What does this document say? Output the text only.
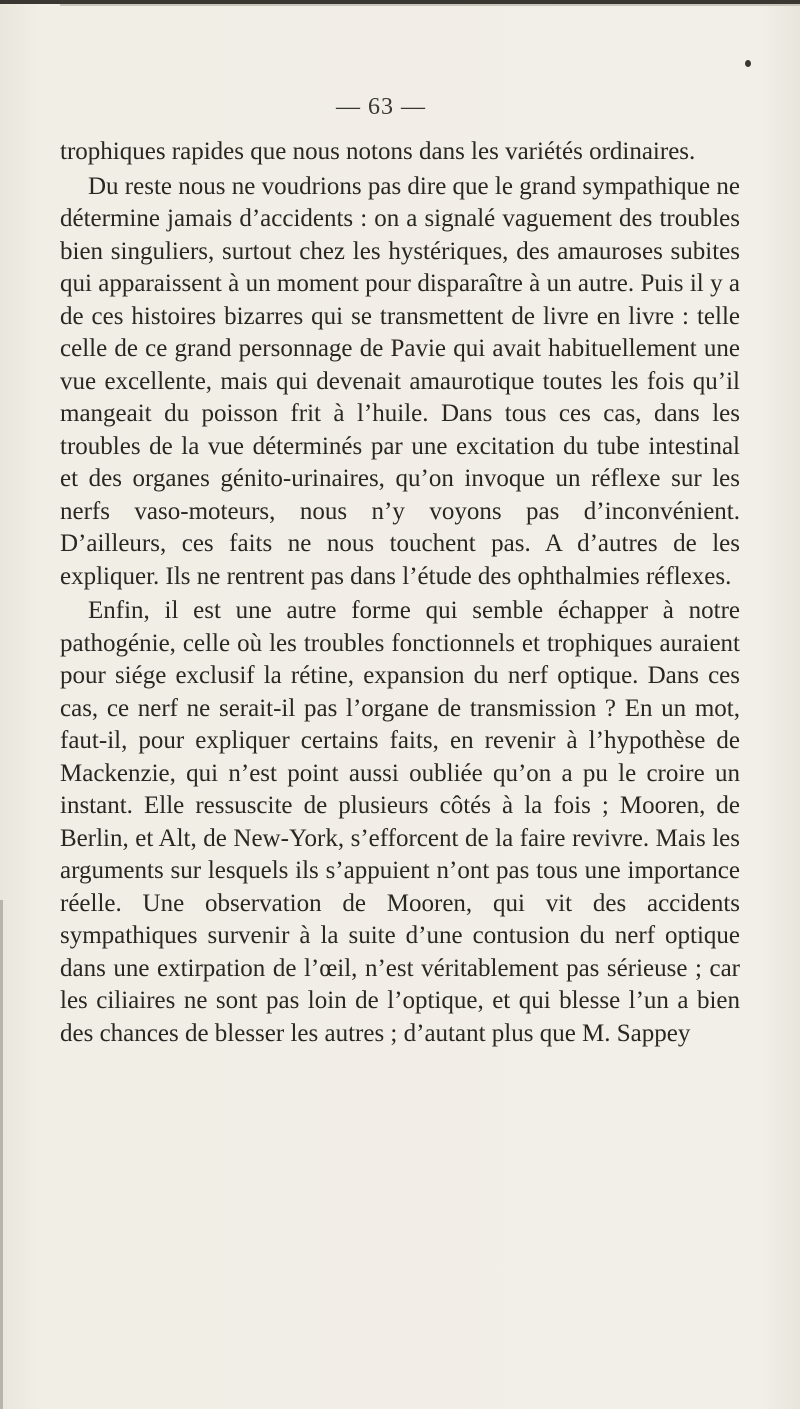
— 63 —

trophiques rapides que nous notons dans les variétés ordinaires.

Du reste nous ne voudrions pas dire que le grand sympathique ne détermine jamais d’accidents : on a signalé vaguement des troubles bien singuliers, surtout chez les hystériques, des amauroses subites qui apparaissent à un moment pour disparaître à un autre. Puis il y a de ces histoires bizarres qui se transmettent de livre en livre : telle celle de ce grand personnage de Pavie qui avait habituellement une vue excellente, mais qui devenait amaurotique toutes les fois qu’il mangeait du poisson frit à l’huile. Dans tous ces cas, dans les troubles de la vue déterminés par une excitation du tube intestinal et des organes génito-urinaires, qu’on invoque un réflexe sur les nerfs vaso-moteurs, nous n’y voyons pas d’inconvénient. D’ailleurs, ces faits ne nous touchent pas. A d’autres de les expliquer. Ils ne rentrent pas dans l’étude des ophthalmies réflexes.

Enfin, il est une autre forme qui semble échapper à notre pathogénie, celle où les troubles fonctionnels et trophiques auraient pour siége exclusif la rétine, expansion du nerf optique. Dans ces cas, ce nerf ne serait-il pas l’organe de transmission ? En un mot, faut-il, pour expliquer certains faits, en revenir à l’hypothèse de Mackenzie, qui n’est point aussi oubliée qu’on a pu le croire un instant. Elle ressuscite de plusieurs côtés à la fois ; Mooren, de Berlin, et Alt, de New-York, s’efforcent de la faire revivre. Mais les arguments sur lesquels ils s’appuient n’ont pas tous une importance réelle. Une observation de Mooren, qui vit des accidents sympathiques survenir à la suite d’une contusion du nerf optique dans une extirpation de l’œil, n’est véritablement pas sérieuse ; car les ciliaires ne sont pas loin de l’optique, et qui blesse l’un a bien des chances de blesser les autres ; d’autant plus que M. Sappey
